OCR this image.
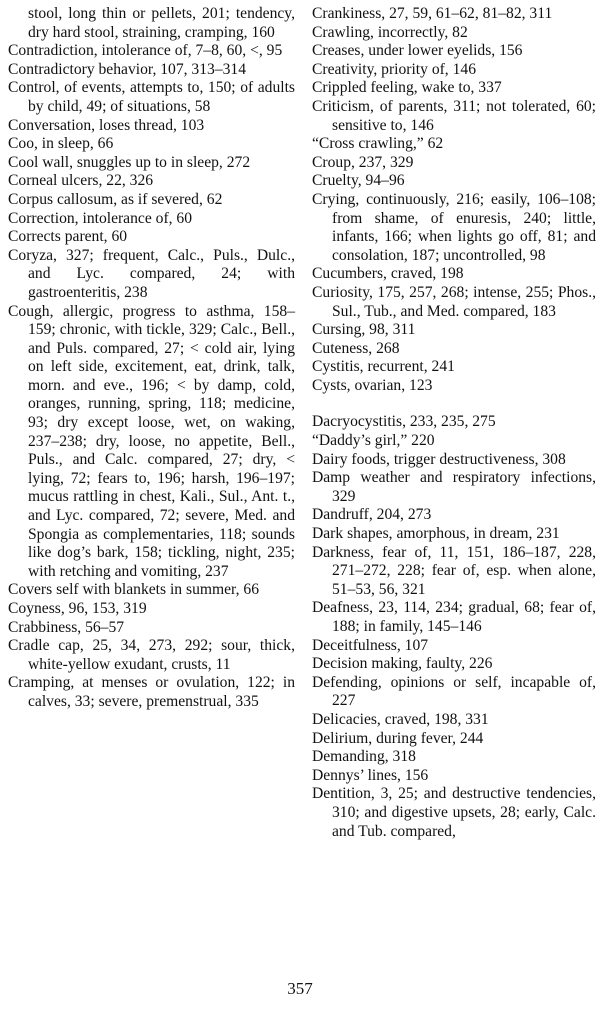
stool, long thin or pellets, 201; tendency, dry hard stool, straining, cramping, 160

Contradiction, intolerance of, 7–8, 60, <, 95

Contradictory behavior, 107, 313–314

Control, of events, attempts to, 150; of adults by child, 49; of situations, 58

Conversation, loses thread, 103

Coo, in sleep, 66

Cool wall, snuggles up to in sleep, 272

Corneal ulcers, 22, 326

Corpus callosum, as if severed, 62

Correction, intolerance of, 60

Corrects parent, 60

Coryza, 327; frequent, Calc., Puls., Dulc., and Lyc. compared, 24; with gastroenteritis, 238

Cough, allergic, progress to asthma, 158–159; chronic, with tickle, 329; Calc., Bell., and Puls. compared, 27; < cold air, lying on left side, excitement, eat, drink, talk, morn. and eve., 196; < by damp, cold, oranges, running, spring, 118; medicine, 93; dry except loose, wet, on waking, 237–238; dry, loose, no appetite, Bell., Puls., and Calc. compared, 27; dry, < lying, 72; fears to, 196; harsh, 196–197; mucus rattling in chest, Kali., Sul., Ant. t., and Lyc. compared, 72; severe, Med. and Spongia as complementaries, 118; sounds like dog’s bark, 158; tickling, night, 235; with retching and vomiting, 237

Covers self with blankets in summer, 66

Coyness, 96, 153, 319

Crabbiness, 56–57

Cradle cap, 25, 34, 273, 292; sour, thick, white-yellow exudant, crusts, 11

Cramping, at menses or ovulation, 122; in calves, 33; severe, premenstrual, 335

Crankiness, 27, 59, 61–62, 81–82, 311

Crawling, incorrectly, 82

Creases, under lower eyelids, 156

Creativity, priority of, 146

Crippled feeling, wake to, 337

Criticism, of parents, 311; not tolerated, 60; sensitive to, 146

“Cross crawling,” 62

Croup, 237, 329

Cruelty, 94–96

Crying, continuously, 216; easily, 106–108; from shame, of enuresis, 240; little, infants, 166; when lights go off, 81; and consolation, 187; uncontrolled, 98

Cucumbers, craved, 198

Curiosity, 175, 257, 268; intense, 255; Phos., Sul., Tub., and Med. compared, 183

Cursing, 98, 311

Cuteness, 268

Cystitis, recurrent, 241

Cysts, ovarian, 123

Dacryocystitis, 233, 235, 275

“Daddy’s girl,” 220

Dairy foods, trigger destructiveness, 308

Damp weather and respiratory infections, 329

Dandruff, 204, 273

Dark shapes, amorphous, in dream, 231

Darkness, fear of, 11, 151, 186–187, 228, 271–272, 228; fear of, esp. when alone, 51–53, 56, 321

Deafness, 23, 114, 234; gradual, 68; fear of, 188; in family, 145–146

Deceitfulness, 107

Decision making, faulty, 226

Defending, opinions or self, incapable of, 227

Delicacies, craved, 198, 331

Delirium, during fever, 244

Demanding, 318

Dennys’ lines, 156

Dentition, 3, 25; and destructive tendencies, 310; and digestive upsets, 28; early, Calc. and Tub. compared,

357
